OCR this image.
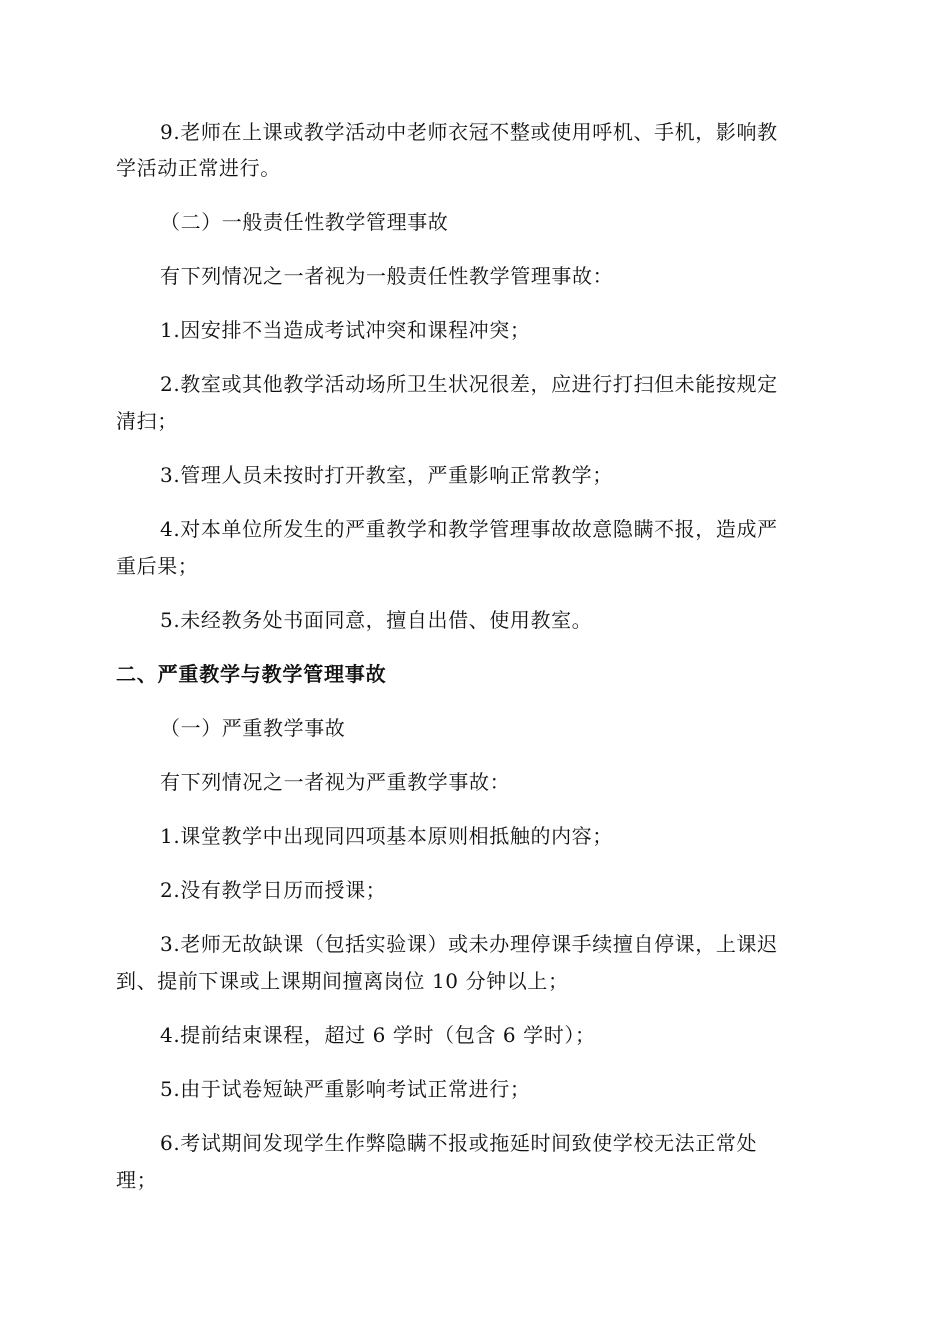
9.老师在上课或教学活动中老师衣冠不整或使用呼机、手机，影响教
学活动正常进行。
（二）一般责任性教学管理事故
有下列情况之一者视为一般责任性教学管理事故：
1.因安排不当造成考试冲突和课程冲突；
2.教室或其他教学活动场所卫生状况很差，应进行打扫但未能按规定
清扫；
3.管理人员未按时打开教室，严重影响正常教学；
4.对本单位所发生的严重教学和教学管理事故故意隐瞒不报，造成严
重后果；
5.未经教务处书面同意，擅自出借、使用教室。
二、严重教学与教学管理事故
（一）严重教学事故
有下列情况之一者视为严重教学事故：
1.课堂教学中出现同四项基本原则相抵触的内容；
2.没有教学日历而授课；
3.老师无故缺课（包括实验课）或未办理停课手续擅自停课，上课迟
到、提前下课或上课期间擅离岗位 10 分钟以上；
4.提前结束课程，超过 6 学时（包含 6 学时）；
5.由于试卷短缺严重影响考试正常进行；
6.考试期间发现学生作弊隐瞒不报或拖延时间致使学校无法正常处
理；
